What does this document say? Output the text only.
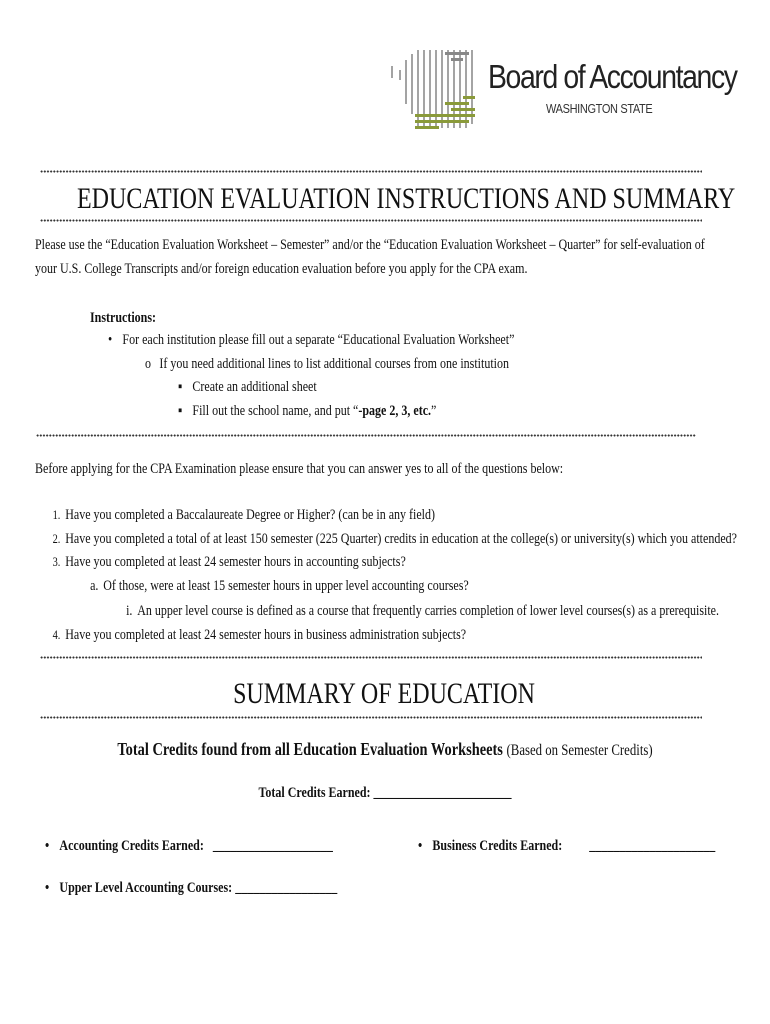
Board of Accountancy
WASHINGTON STATE
EDUCATION EVALUATION INSTRUCTIONS AND SUMMARY
Please use the “Education Evaluation Worksheet – Semester” and/or the “Education Evaluation Worksheet – Quarter” for self-evaluation of
your U.S. College Transcripts and/or foreign education evaluation before you apply for the CPA exam.
Instructions:
• For each institution please fill out a separate “Educational Evaluation Worksheet”
o If you need additional lines to list additional courses from one institution
▪ Create an additional sheet
▪ Fill out the school name, and put “-page 2, 3, etc.”
Before applying for the CPA Examination please ensure that you can answer yes to all of the questions below:
1. Have you completed a Baccalaureate Degree or Higher? (can be in any field)
2. Have you completed a total of at least 150 semester (225 Quarter) credits in education at the college(s) or university(s) which you attended?
3. Have you completed at least 24 semester hours in accounting subjects?
a. Of those, were at least 15 semester hours in upper level accounting courses?
i. An upper level course is defined as a course that frequently carries completion of lower level courses(s) as a prerequisite.
4. Have you completed at least 24 semester hours in business administration subjects?
SUMMARY OF EDUCATION
Total Credits found from all Education Evaluation Worksheets (Based on Semester Credits)
Total Credits Earned: _______________________
• Accounting Credits Earned: ____________________	• Business Credits Earned: _____________________
• Upper Level Accounting Courses: _________________
